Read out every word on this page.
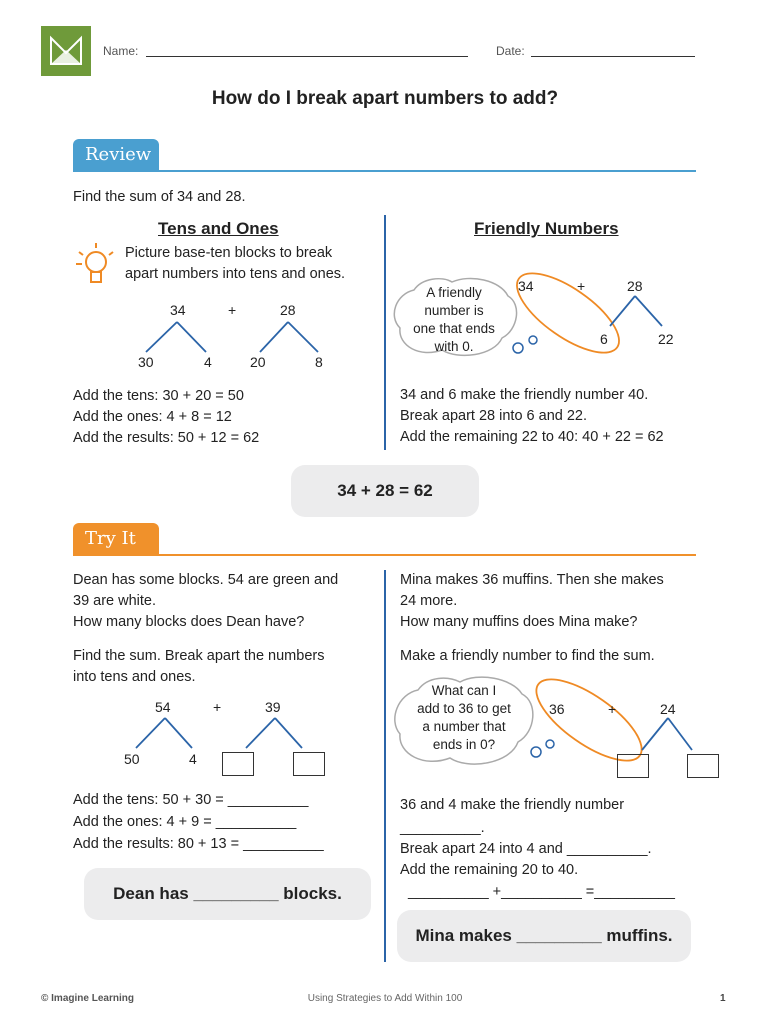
Name:	Date:
How do I break apart numbers to add?
Review
Find the sum of 34 and 28.
Tens and Ones
Picture base-ten blocks to break
apart numbers into tens and ones.
34	+	28
30	4	20	8
Add the tens: 30 + 20 = 50
Add the ones: 4 + 8 = 12
Add the results: 50 + 12 = 62
Friendly Numbers
A friendly
number is
one that ends
with 0.
34	+	28
6	22
34 and 6 make the friendly number 40.
Break apart 28 into 6 and 22.
Add the remaining 22 to 40: 40 + 22 = 62
34 + 28 = 62
Try It
Dean has some blocks. 54 are green and
39 are white.
How many blocks does Dean have?
Find the sum. Break apart the numbers
into tens and ones.
54	+	39
50	4
Add the tens: 50 + 30 = __________
Add the ones: 4 + 9 = __________
Add the results: 80 + 13 = __________
Dean has _________ blocks.
Mina makes 36 muffins. Then she makes
24 more.
How many muffins does Mina make?
Make a friendly number to find the sum.
What can I
add to 36 to get
a number that
ends in 0?
36	+	24
36 and 4 make the friendly number
__________.
Break apart 24 into 4 and __________.
Add the remaining 20 to 40.
__________ +__________ =__________
Mina makes _________ muffins.
© Imagine Learning	Using Strategies to Add Within 100	1
